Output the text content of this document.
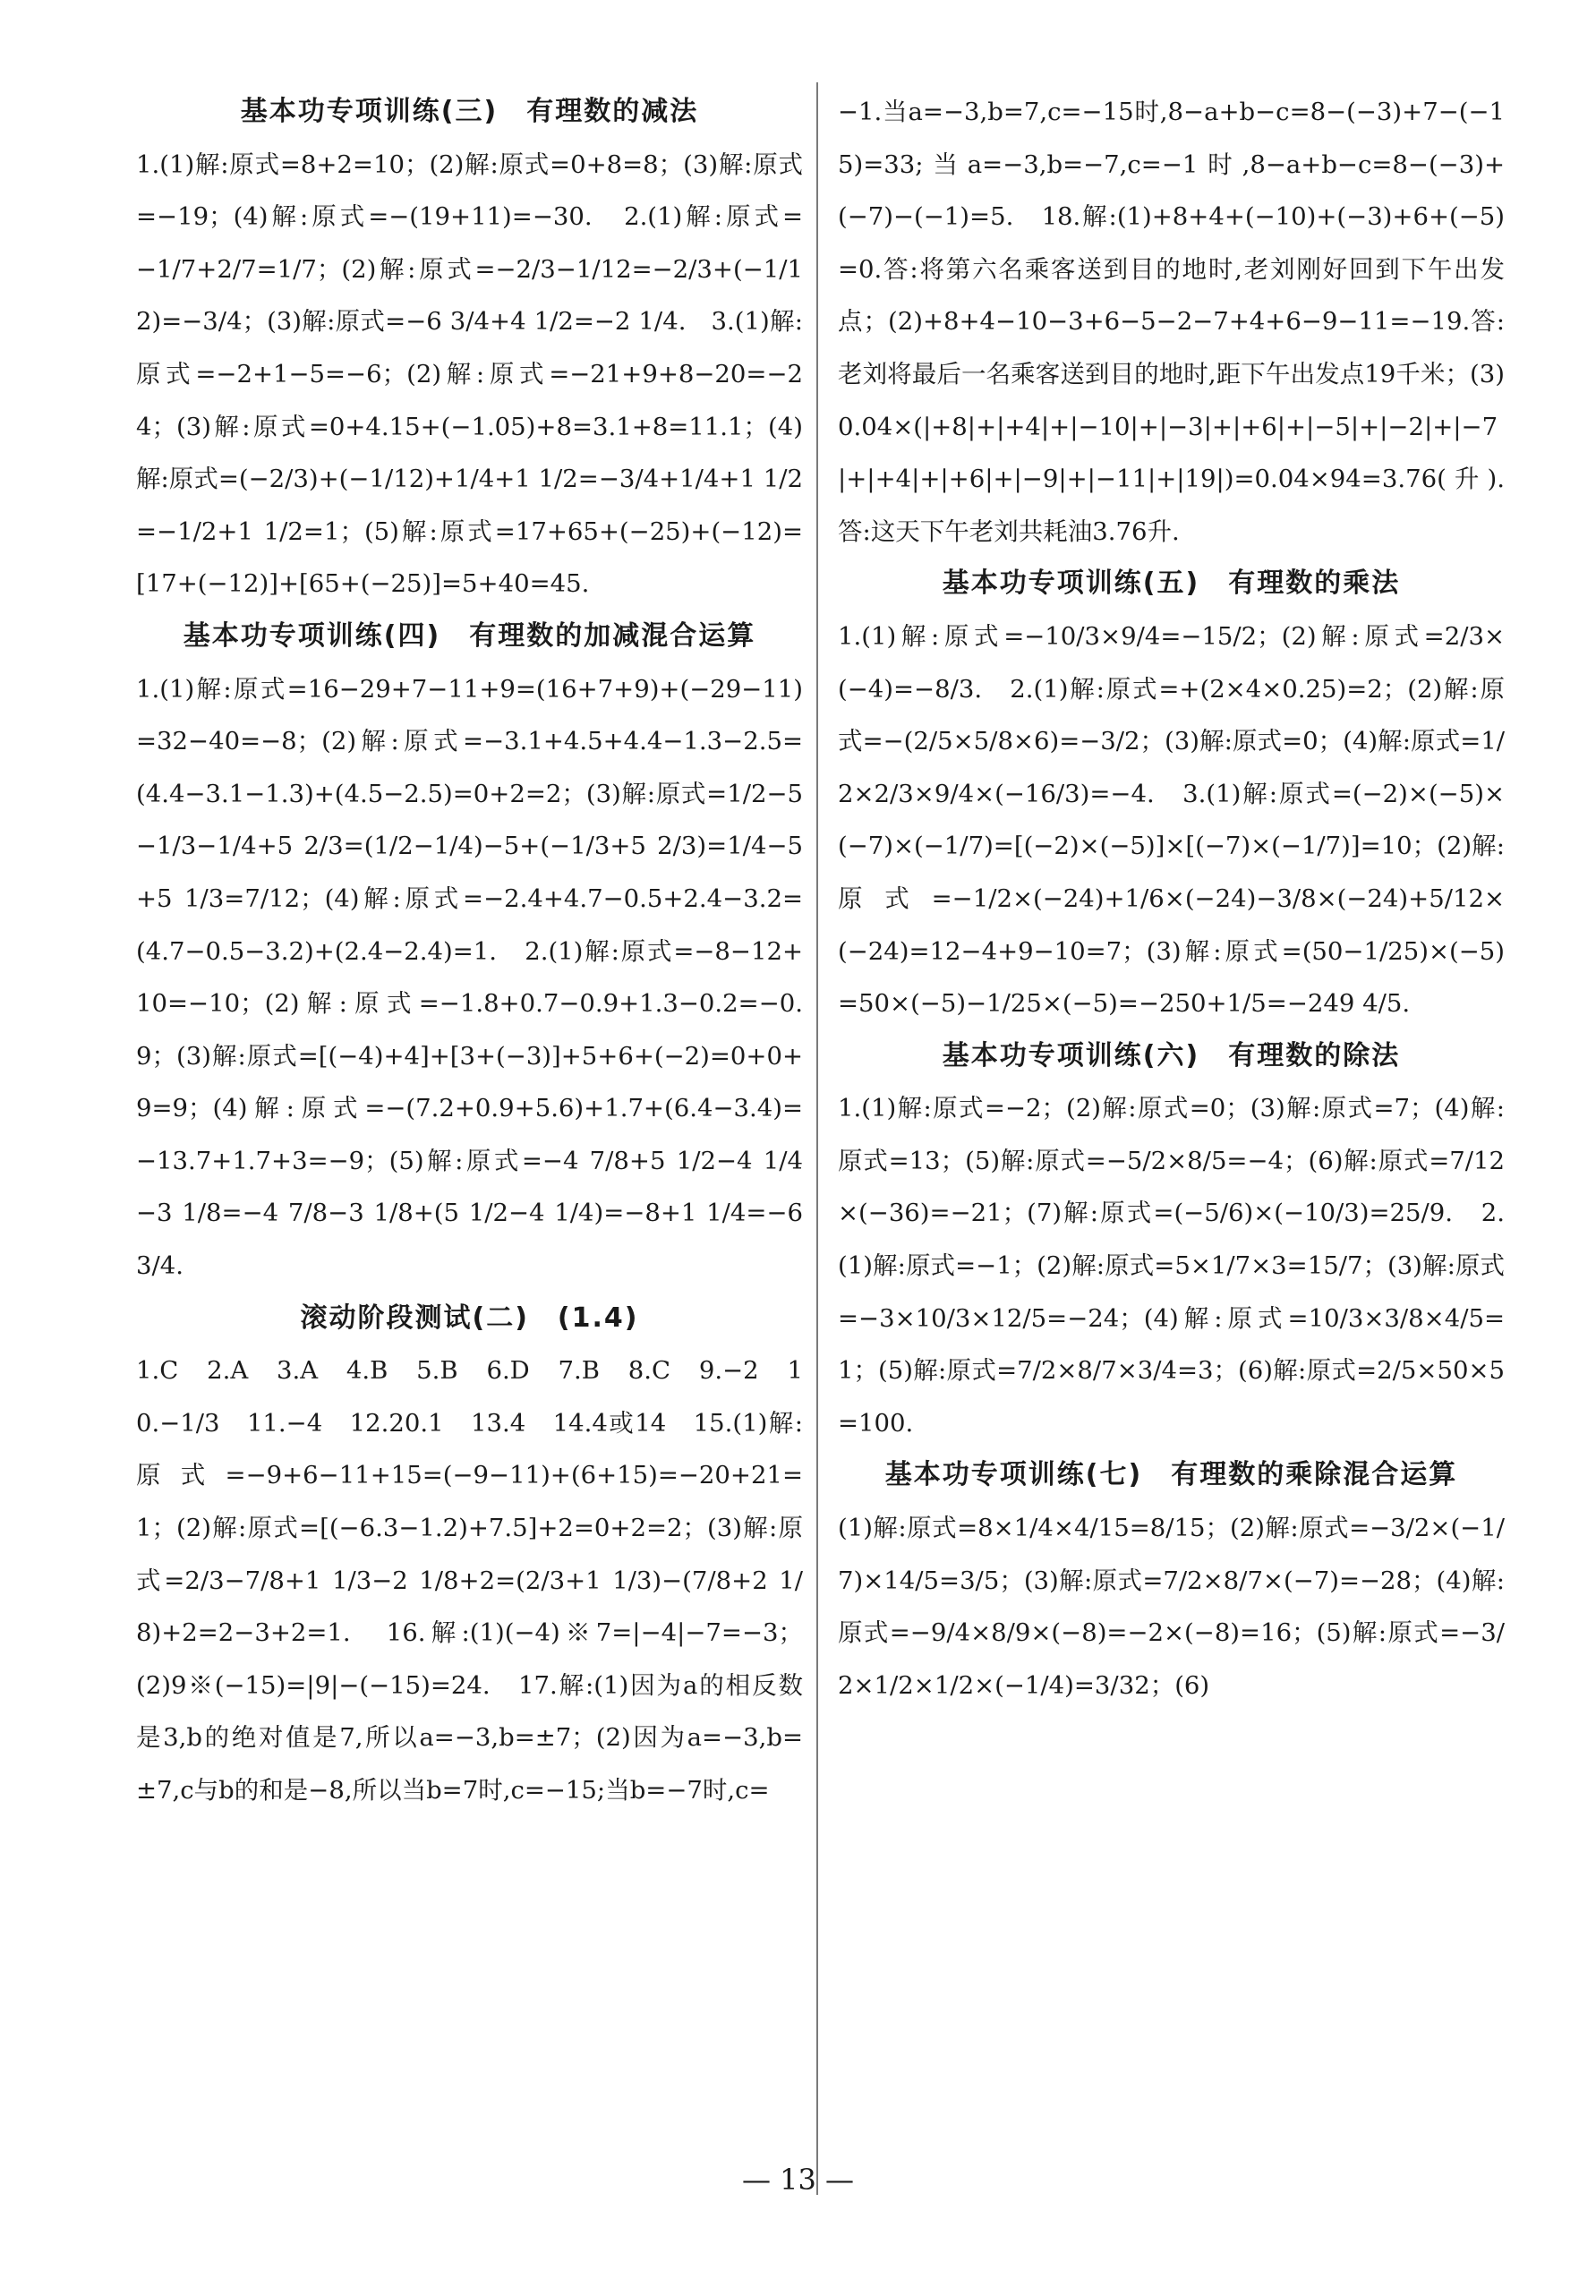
基本功专项训练(三)　有理数的减法
1.(1)解:原式=8+2=10；(2)解:原式=0+8=8；(3)解:原式=−19；(4)解:原式=−(19+11)=−30.　2.(1)解:原式=−1/7+2/7=1/7；(2)解:原式=−2/3−1/12=−2/3+(−1/12)=−3/4；(3)解:原式=−6 3/4+4 1/2=−2 1/4.　3.(1)解:原式=−2+1−5=−6；(2)解:原式=−21+9+8−20=−24；(3)解:原式=0+4.15+(−1.05)+8=3.1+8=11.1；(4)解:原式=(−2/3)+(−1/12)+1/4+1 1/2=−3/4+1/4+1 1/2=−1/2+1 1/2=1；(5)解:原式=17+65+(−25)+(−12)=[17+(−12)]+[65+(−25)]=5+40=45.
基本功专项训练(四)　有理数的加减混合运算
1.(1)解:原式=16−29+7−11+9=(16+7+9)+(−29−11)=32−40=−8；(2)解:原式=−3.1+4.5+4.4−1.3−2.5=(4.4−3.1−1.3)+(4.5−2.5)=0+2=2；(3)解:原式=1/2−5−1/3−1/4+5 2/3=(1/2−1/4)−5+(−1/3+5 2/3)=1/4−5+5 1/3=7/12；(4)解:原式=−2.4+4.7−0.5+2.4−3.2=(4.7−0.5−3.2)+(2.4−2.4)=1.　2.(1)解:原式=−8−12+10=−10；(2)解:原式=−1.8+0.7−0.9+1.3−0.2=−0.9；(3)解:原式=[(−4)+4]+[3+(−3)]+5+6+(−2)=0+0+9=9；(4)解:原式=−(7.2+0.9+5.6)+1.7+(6.4−3.4)=−13.7+1.7+3=−9；(5)解:原式=−4 7/8+5 1/2−4 1/4−3 1/8=−4 7/8−3 1/8+(5 1/2−4 1/4)=−8+1 1/4=−6 3/4.
滚动阶段测试(二)　(1.4)
1.C　2.A　3.A　4.B　5.B　6.D　7.B　8.C　9.−2　10.−1/3　11.−4　12.20.1　13.4　14.4或14　15.(1)解:原式=−9+6−11+15=(−9−11)+(6+15)=−20+21=1；(2)解:原式=[(−6.3−1.2)+7.5]+2=0+2=2；(3)解:原式=2/3−7/8+1 1/3−2 1/8+2=(2/3+1 1/3)−(7/8+2 1/8)+2=2−3+2=1.　16.解:(1)(−4)※7=|−4|−7=−3；(2)9※(−15)=|9|−(−15)=24.　17.解:(1)因为a的相反数是3,b的绝对值是7,所以a=−3,b=±7；(2)因为a=−3,b=±7,c与b的和是−8,所以当b=7时,c=−15;当b=−7时,c=
−1.当a=−3,b=7,c=−15时,8−a+b−c=8−(−3)+7−(−15)=33;当a=−3,b=−7,c=−1时,8−a+b−c=8−(−3)+(−7)−(−1)=5.　18.解:(1)+8+4+(−10)+(−3)+6+(−5)=0.答:将第六名乘客送到目的地时,老刘刚好回到下午出发点；(2)+8+4−10−3+6−5−2−7+4+6−9−11=−19.答:老刘将最后一名乘客送到目的地时,距下午出发点19千米；(3)0.04×(|+8|+|+4|+|−10|+|−3|+|+6|+|−5|+|−2|+|−7|+|+4|+|+6|+|−9|+|−11|+|19|)=0.04×94=3.76(升).答:这天下午老刘共耗油3.76升.
基本功专项训练(五)　有理数的乘法
1.(1)解:原式=−10/3×9/4=−15/2；(2)解:原式=2/3×(−4)=−8/3.　2.(1)解:原式=+(2×4×0.25)=2；(2)解:原式=−(2/5×5/8×6)=−3/2；(3)解:原式=0；(4)解:原式=1/2×2/3×9/4×(−16/3)=−4.　3.(1)解:原式=(−2)×(−5)×(−7)×(−1/7)=[(−2)×(−5)]×[(−7)×(−1/7)]=10；(2)解:原式=−1/2×(−24)+1/6×(−24)−3/8×(−24)+5/12×(−24)=12−4+9−10=7；(3)解:原式=(50−1/25)×(−5)=50×(−5)−1/25×(−5)=−250+1/5=−249 4/5.
基本功专项训练(六)　有理数的除法
1.(1)解:原式=−2；(2)解:原式=0；(3)解:原式=7；(4)解:原式=13；(5)解:原式=−5/2×8/5=−4；(6)解:原式=7/12×(−36)=−21；(7)解:原式=(−5/6)×(−10/3)=25/9.　2.(1)解:原式=−1；(2)解:原式=5×1/7×3=15/7；(3)解:原式=−3×10/3×12/5=−24；(4)解:原式=10/3×3/8×4/5=1；(5)解:原式=7/2×8/7×3/4=3；(6)解:原式=2/5×50×5=100.
基本功专项训练(七)　有理数的乘除混合运算
(1)解:原式=8×1/4×4/15=8/15；(2)解:原式=−3/2×(−1/7)×14/5=3/5；(3)解:原式=7/2×8/7×(−7)=−28；(4)解:原式=−9/4×8/9×(−8)=−2×(−8)=16；(5)解:原式=−3/2×1/2×1/2×(−1/4)=3/32；(6)
— 13 —
